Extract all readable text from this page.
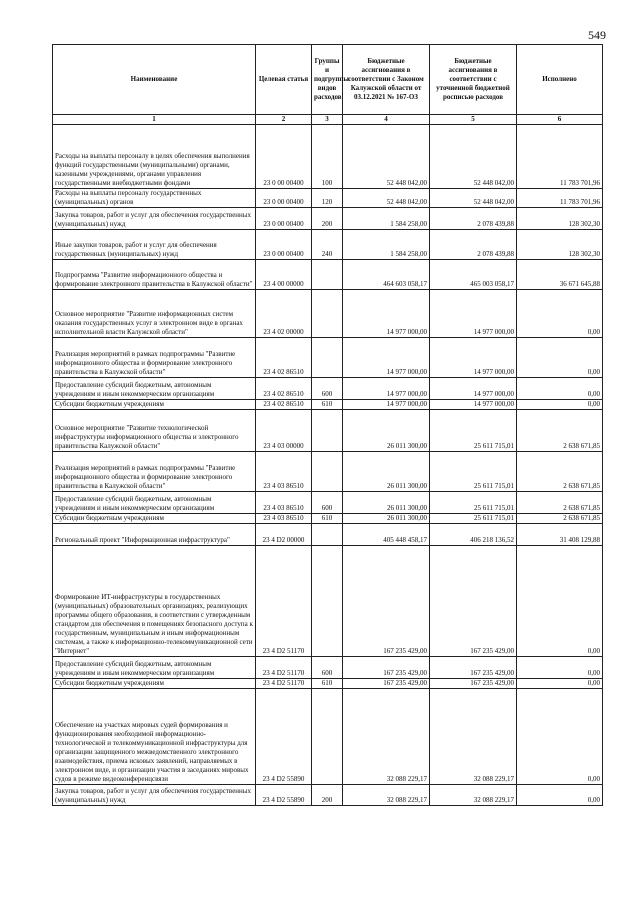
549
Наименование	Целевая статья	Группы и подгруппы видов расходов	Бюджетные ассигнования в соответствии с Законом Калужской области от 03.12.2021 № 167-ОЗ	Бюджетные ассигнования в соответствии с уточненной бюджетной росписью расходов	Исполнено
1	2	3	4	5	6
Расходы на выплаты персоналу в целях обеспечения выполнения функций государственными (муниципальными) органами, казенными учреждениями, органами управления государственными внебюджетными фондами	23 0 00 00400	100	52 448 042,00	52 448 042,00	11 783 701,96
Расходы на выплаты персоналу государственных (муниципальных) органов	23 0 00 00400	120	52 448 042,00	52 448 042,00	11 783 701,96
Закупка товаров, работ и услуг для обеспечения государственных (муниципальных) нужд	23 0 00 00400	200	1 584 258,00	2 078 439,88	128 302,30
Иные закупки товаров, работ и услуг для обеспечения государственных (муниципальных) нужд	23 0 00 00400	240	1 584 258,00	2 078 439,88	128 302,30
Подпрограмма "Развитие информационного общества и формирование электронного правительства в Калужской области"	23 4 00 00000		464 603 058,17	465 003 058,17	36 671 645,88
Основное мероприятие "Развитие информационных систем оказания государственных услуг в электронном виде в органах исполнительной власти Калужской области"	23 4 02 00000		14 977 000,00	14 977 000,00	0,00
Реализация мероприятий в рамках подпрограммы "Развитие информационного общества и формирование электронного правительства в Калужской области"	23 4 02 86510		14 977 000,00	14 977 000,00	0,00
Предоставление субсидий бюджетным, автономным учреждениям и иным некоммерческим организациям	23 4 02 86510	600	14 977 000,00	14 977 000,00	0,00
Субсидии бюджетным учреждениям	23 4 02 86510	610	14 977 000,00	14 977 000,00	0,00
Основное мероприятие "Развитие технологической инфраструктуры информационного общества и электронного правительства Калужской области"	23 4 03 00000		26 011 300,00	25 611 715,01	2 638 671,85
Реализация мероприятий в рамках подпрограммы "Развитие информационного общества и формирование электронного правительства в Калужской области"	23 4 03 86510		26 011 300,00	25 611 715,01	2 638 671,85
Предоставление субсидий бюджетным, автономным учреждениям и иным некоммерческим организациям	23 4 03 86510	600	26 011 300,00	25 611 715,01	2 638 671,85
Субсидии бюджетным учреждениям	23 4 03 86510	610	26 011 300,00	25 611 715,01	2 638 671,85
Региональный проект "Информационная инфраструктура"	23 4 D2 00000		405 448 458,17	406 218 136,52	31 408 129,88
Формирование ИТ-инфраструктуры в государственных (муниципальных) образовательных организациях, реализующих программы общего образования, в соответствии с утвержденным стандартом для обеспечения в помещениях безопасного доступа к государственным, муниципальным и иным информационным системам, а также к информационно-телекоммуникационной сети "Интернет"	23 4 D2 51170		167 235 429,00	167 235 429,00	0,00
Предоставление субсидий бюджетным, автономным учреждениям и иным некоммерческим организациям	23 4 D2 51170	600	167 235 429,00	167 235 429,00	0,00
Субсидии бюджетным учреждениям	23 4 D2 51170	610	167 235 429,00	167 235 429,00	0,00
Обеспечение на участках мировых судей формирования и функционирования необходимой информационно-технологической и телекоммуникационной инфраструктуры для организации защищенного межведомственного электронного взаимодействия, приема исковых заявлений, направляемых в электронном виде, и организации участия в заседаниях мировых судов в режиме видеоконференцсвязи	23 4 D2 55890		32 088 229,17	32 088 229,17	0,00
Закупка товаров, работ и услуг для обеспечения государственных (муниципальных) нужд	23 4 D2 55890	200	32 088 229,17	32 088 229,17	0,00
